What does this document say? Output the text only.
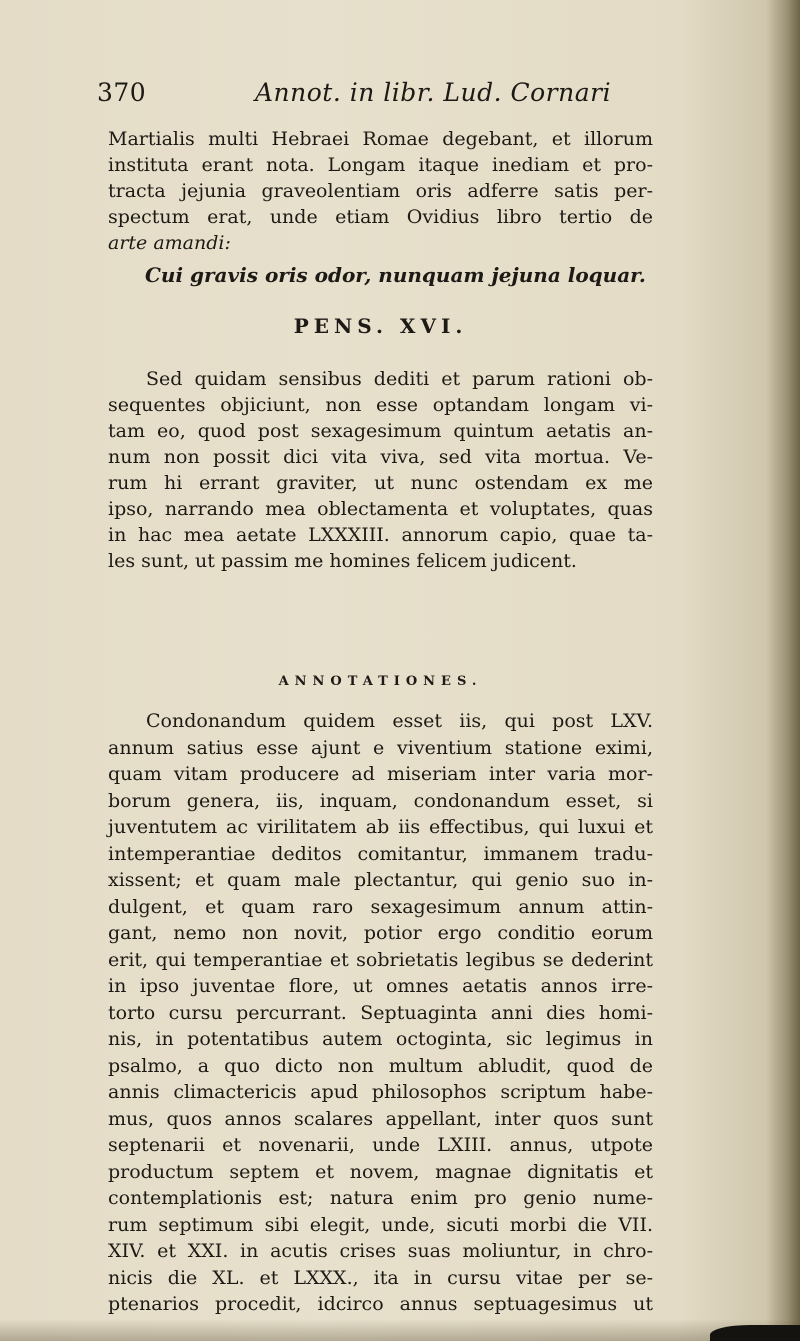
370	Annot. in libr. Lud. Cornari
Martialis multi Hebraei Romae degebant, et illorum
instituta erant nota. Longam itaque inediam et pro-
tracta jejunia graveolentiam oris adferre satis per-
spectum erat, unde etiam Ovidius libro tertio de
arte amandi:
Cui gravis oris odor, nunquam jejuna loquar.
PENS. XVI.
Sed quidam sensibus dediti et parum rationi ob-
sequentes objiciunt, non esse optandam longam vi-
tam eo, quod post sexagesimum quintum aetatis an-
num non possit dici vita viva, sed vita mortua. Ve-
rum hi errant graviter, ut nunc ostendam ex me
ipso, narrando mea oblectamenta et voluptates, quas
in hac mea aetate LXXXIII. annorum capio, quae ta-
les sunt, ut passim me homines felicem judicent.
ANNOTATIONES.
Condonandum quidem esset iis, qui post LXV.
annum satius esse ajunt e viventium statione eximi,
quam vitam producere ad miseriam inter varia mor-
borum genera, iis, inquam, condonandum esset, si
juventutem ac virilitatem ab iis effectibus, qui luxui et
intemperantiae deditos comitantur, immanem tradu-
xissent; et quam male plectantur, qui genio suo in-
dulgent, et quam raro sexagesimum annum attin-
gant, nemo non novit, potior ergo conditio eorum
erit, qui temperantiae et sobrietatis legibus se dederint
in ipso juventae flore, ut omnes aetatis annos irre-
torto cursu percurrant. Septuaginta anni dies homi-
nis, in potentatibus autem octoginta, sic legimus in
psalmo, a quo dicto non multum abludit, quod de
annis climactericis apud philosophos scriptum habe-
mus, quos annos scalares appellant, inter quos sunt
septenarii et novenarii, unde LXIII. annus, utpote
productum septem et novem, magnae dignitatis et
contemplationis est; natura enim pro genio nume-
rum septimum sibi elegit, unde, sicuti morbi die VII.
XIV. et XXI. in acutis crises suas moliuntur, in chro-
nicis die XL. et LXXX., ita in cursu vitae per se-
ptenarios procedit, idcirco annus septuagesimus ut
